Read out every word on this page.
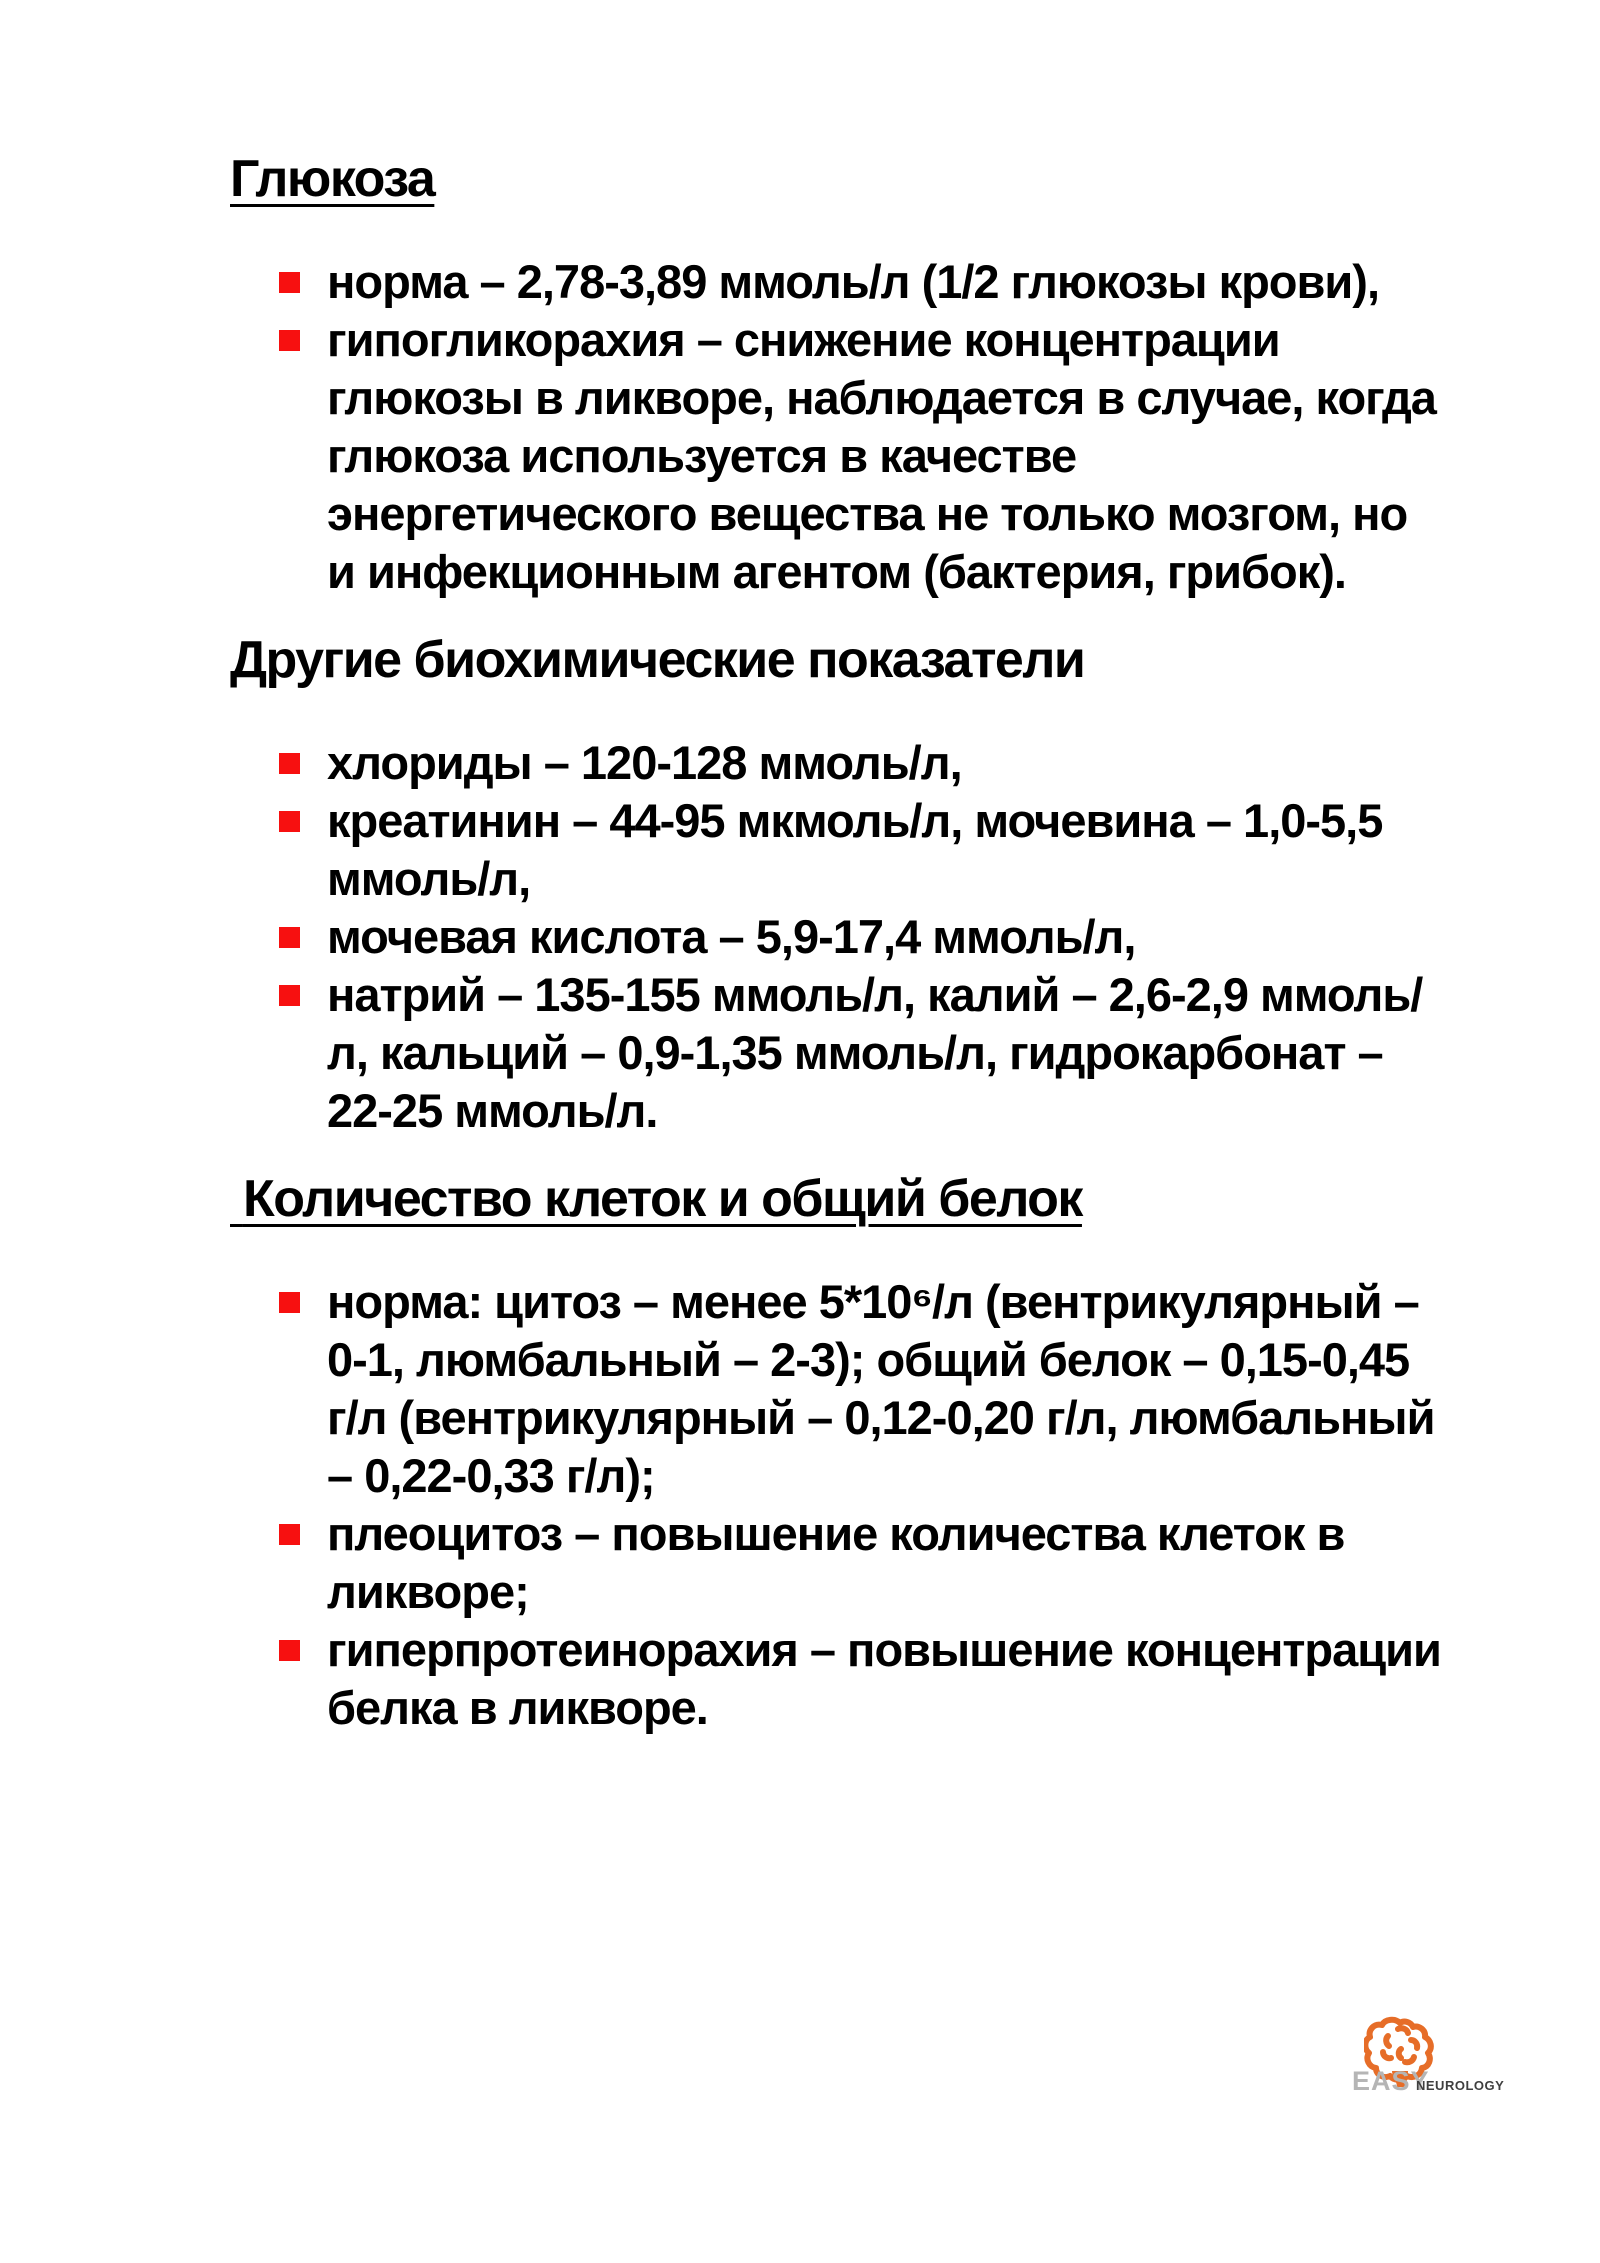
Глюкоза
норма – 2,78-3,89 ммоль/л (1/2 глюкозы крови),
гипогликорахия – снижение концентрации глюкозы в ликворе, наблюдается в случае, когда глюкоза используется в качестве энергетического вещества не только мозгом, но и инфекционным агентом (бактерия, грибок).
Другие биохимические показатели
хлориды – 120-128 ммоль/л,
креатинин – 44-95 мкмоль/л, мочевина – 1,0-5,5 ммоль/л,
мочевая кислота – 5,9-17,4 ммоль/л,
натрий – 135-155 ммоль/л, калий – 2,6-2,9 ммоль/л, кальций – 0,9-1,35 ммоль/л, гидрокарбонат – 22-25 ммоль/л.
Количество клеток и общий белок
норма: цитоз – менее 5*10⁶/л (вентрикулярный – 0-1, люмбальный – 2-3); общий белок – 0,15-0,45 г/л (вентрикулярный – 0,12-0,20 г/л, люмбальный – 0,22-0,33 г/л);
плеоцитоз – повышение количества клеток в ликворе;
гиперпротеинорахия – повышение концентрации белка в ликворе.
EASY
NEUROLOGY
